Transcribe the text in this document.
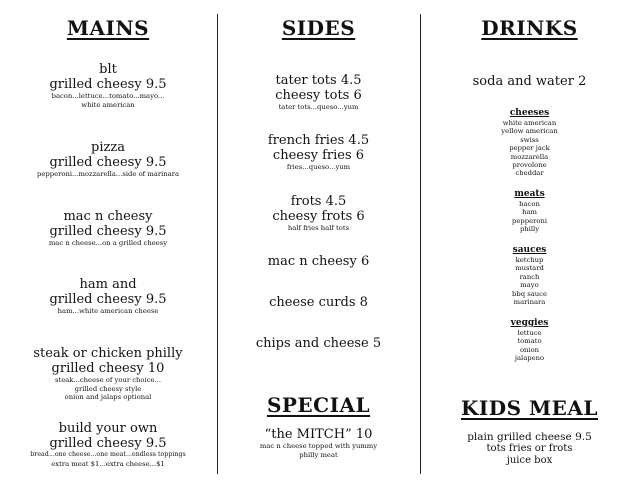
MAINS
blt
grilled cheesy 9.5
bacon...lettuce...tomato...mayo...
white american
pizza
grilled cheesy 9.5
pepperoni...mozzarella...side of marinara
mac n cheesy
grilled cheesy 9.5
mac n cheese...on a grilled cheesy
ham and
grilled cheesy 9.5
ham...white american cheese
steak or chicken philly
grilled cheesy 10
steak...cheese of your choice...
grilled cheesy style
onion and jalaps optional
build your own
grilled cheesy 9.5
bread...one cheese...one meat...endless toppings
extra meat $1...extra cheese...$1
SIDES
tater tots 4.5
cheesy tots 6
tater tots...queso...yum
french fries 4.5
cheesy fries 6
fries...queso...yum
frots 4.5
cheesy frots 6
half fries half tots
mac n cheesy 6
cheese curds 8
chips and cheese 5
SPECIAL
“the MITCH” 10
mac n cheese topped with yummy
philly meat
DRINKS
soda and water 2
cheeses
white american
yellow american
swiss
pepper jack
mozzarella
provolone
cheddar
meats
bacon
ham
pepperoni
philly
sauces
ketchup
mustard
ranch
mayo
bbq sauce
marinara
veggies
lettuce
tomato
onion
jalapeno
KIDS MEAL
plain grilled cheese 9.5
tots fries or frots
juice box
